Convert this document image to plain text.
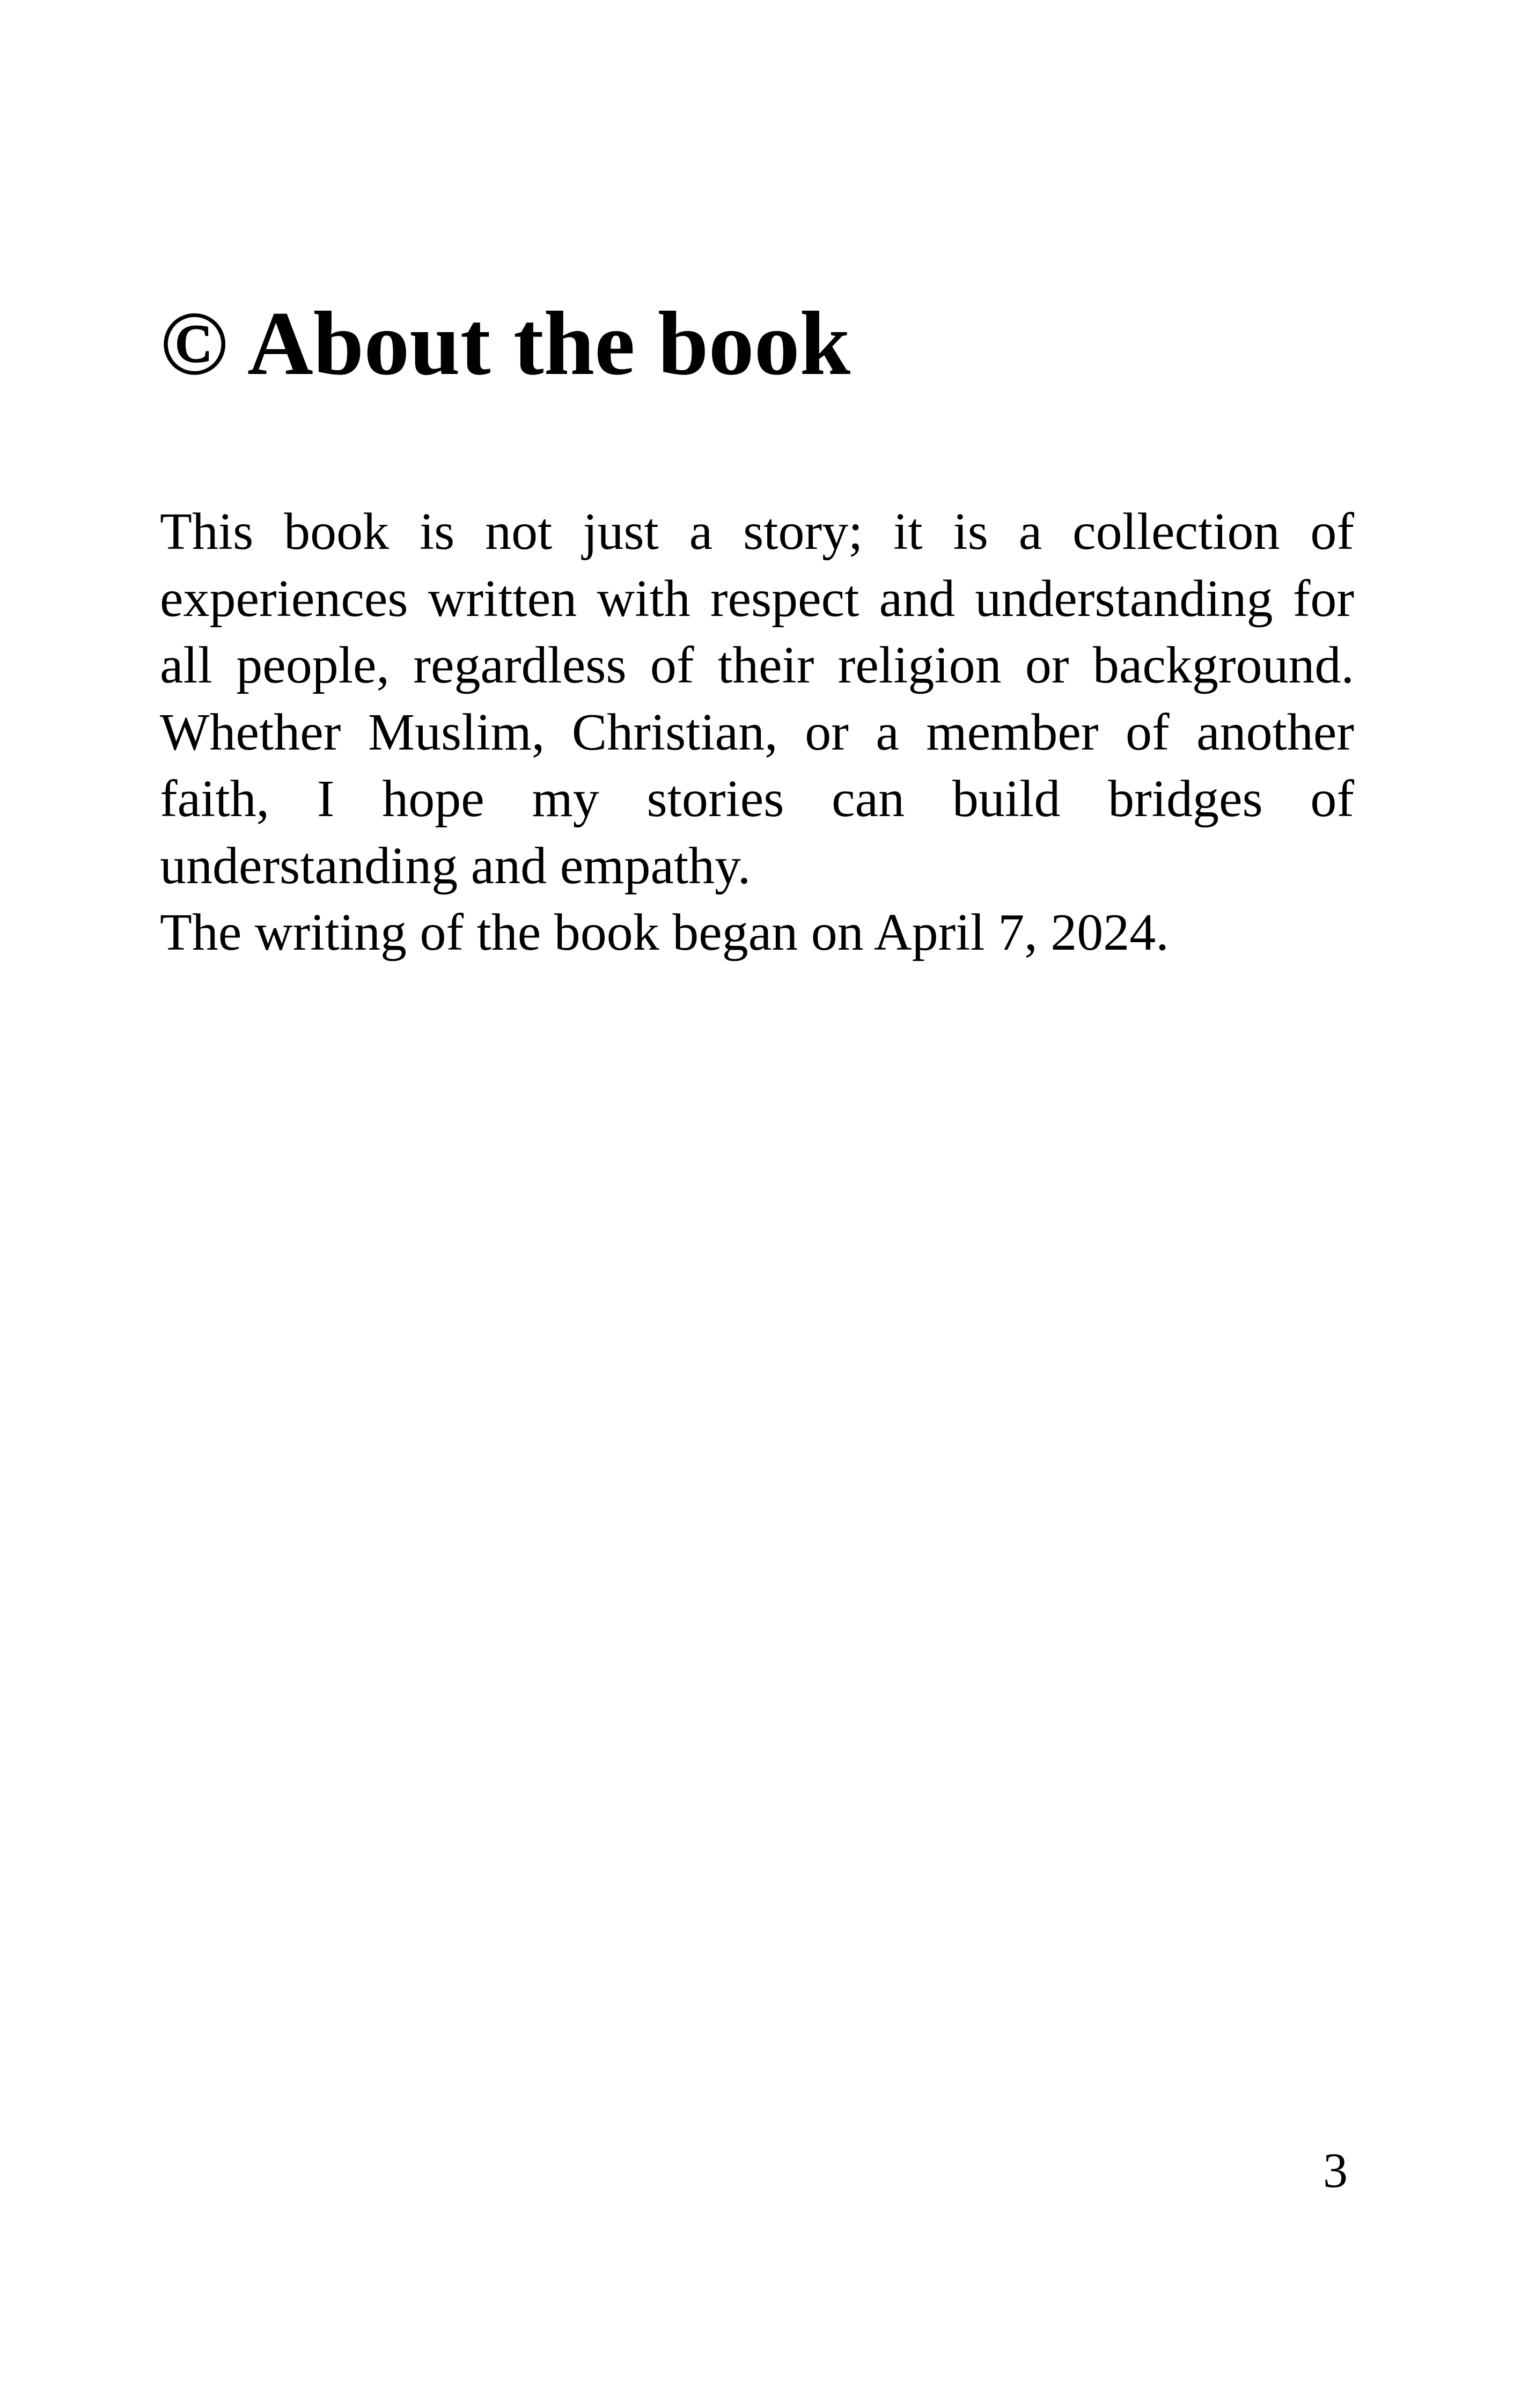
© About the book

This book is not just a story; it is a collection of experiences written with respect and understanding for all people, regardless of their religion or background. Whether Muslim, Christian, or a member of another faith, I hope my stories can build bridges of understanding and empathy.

The writing of the book began on April 7, 2024.

3
